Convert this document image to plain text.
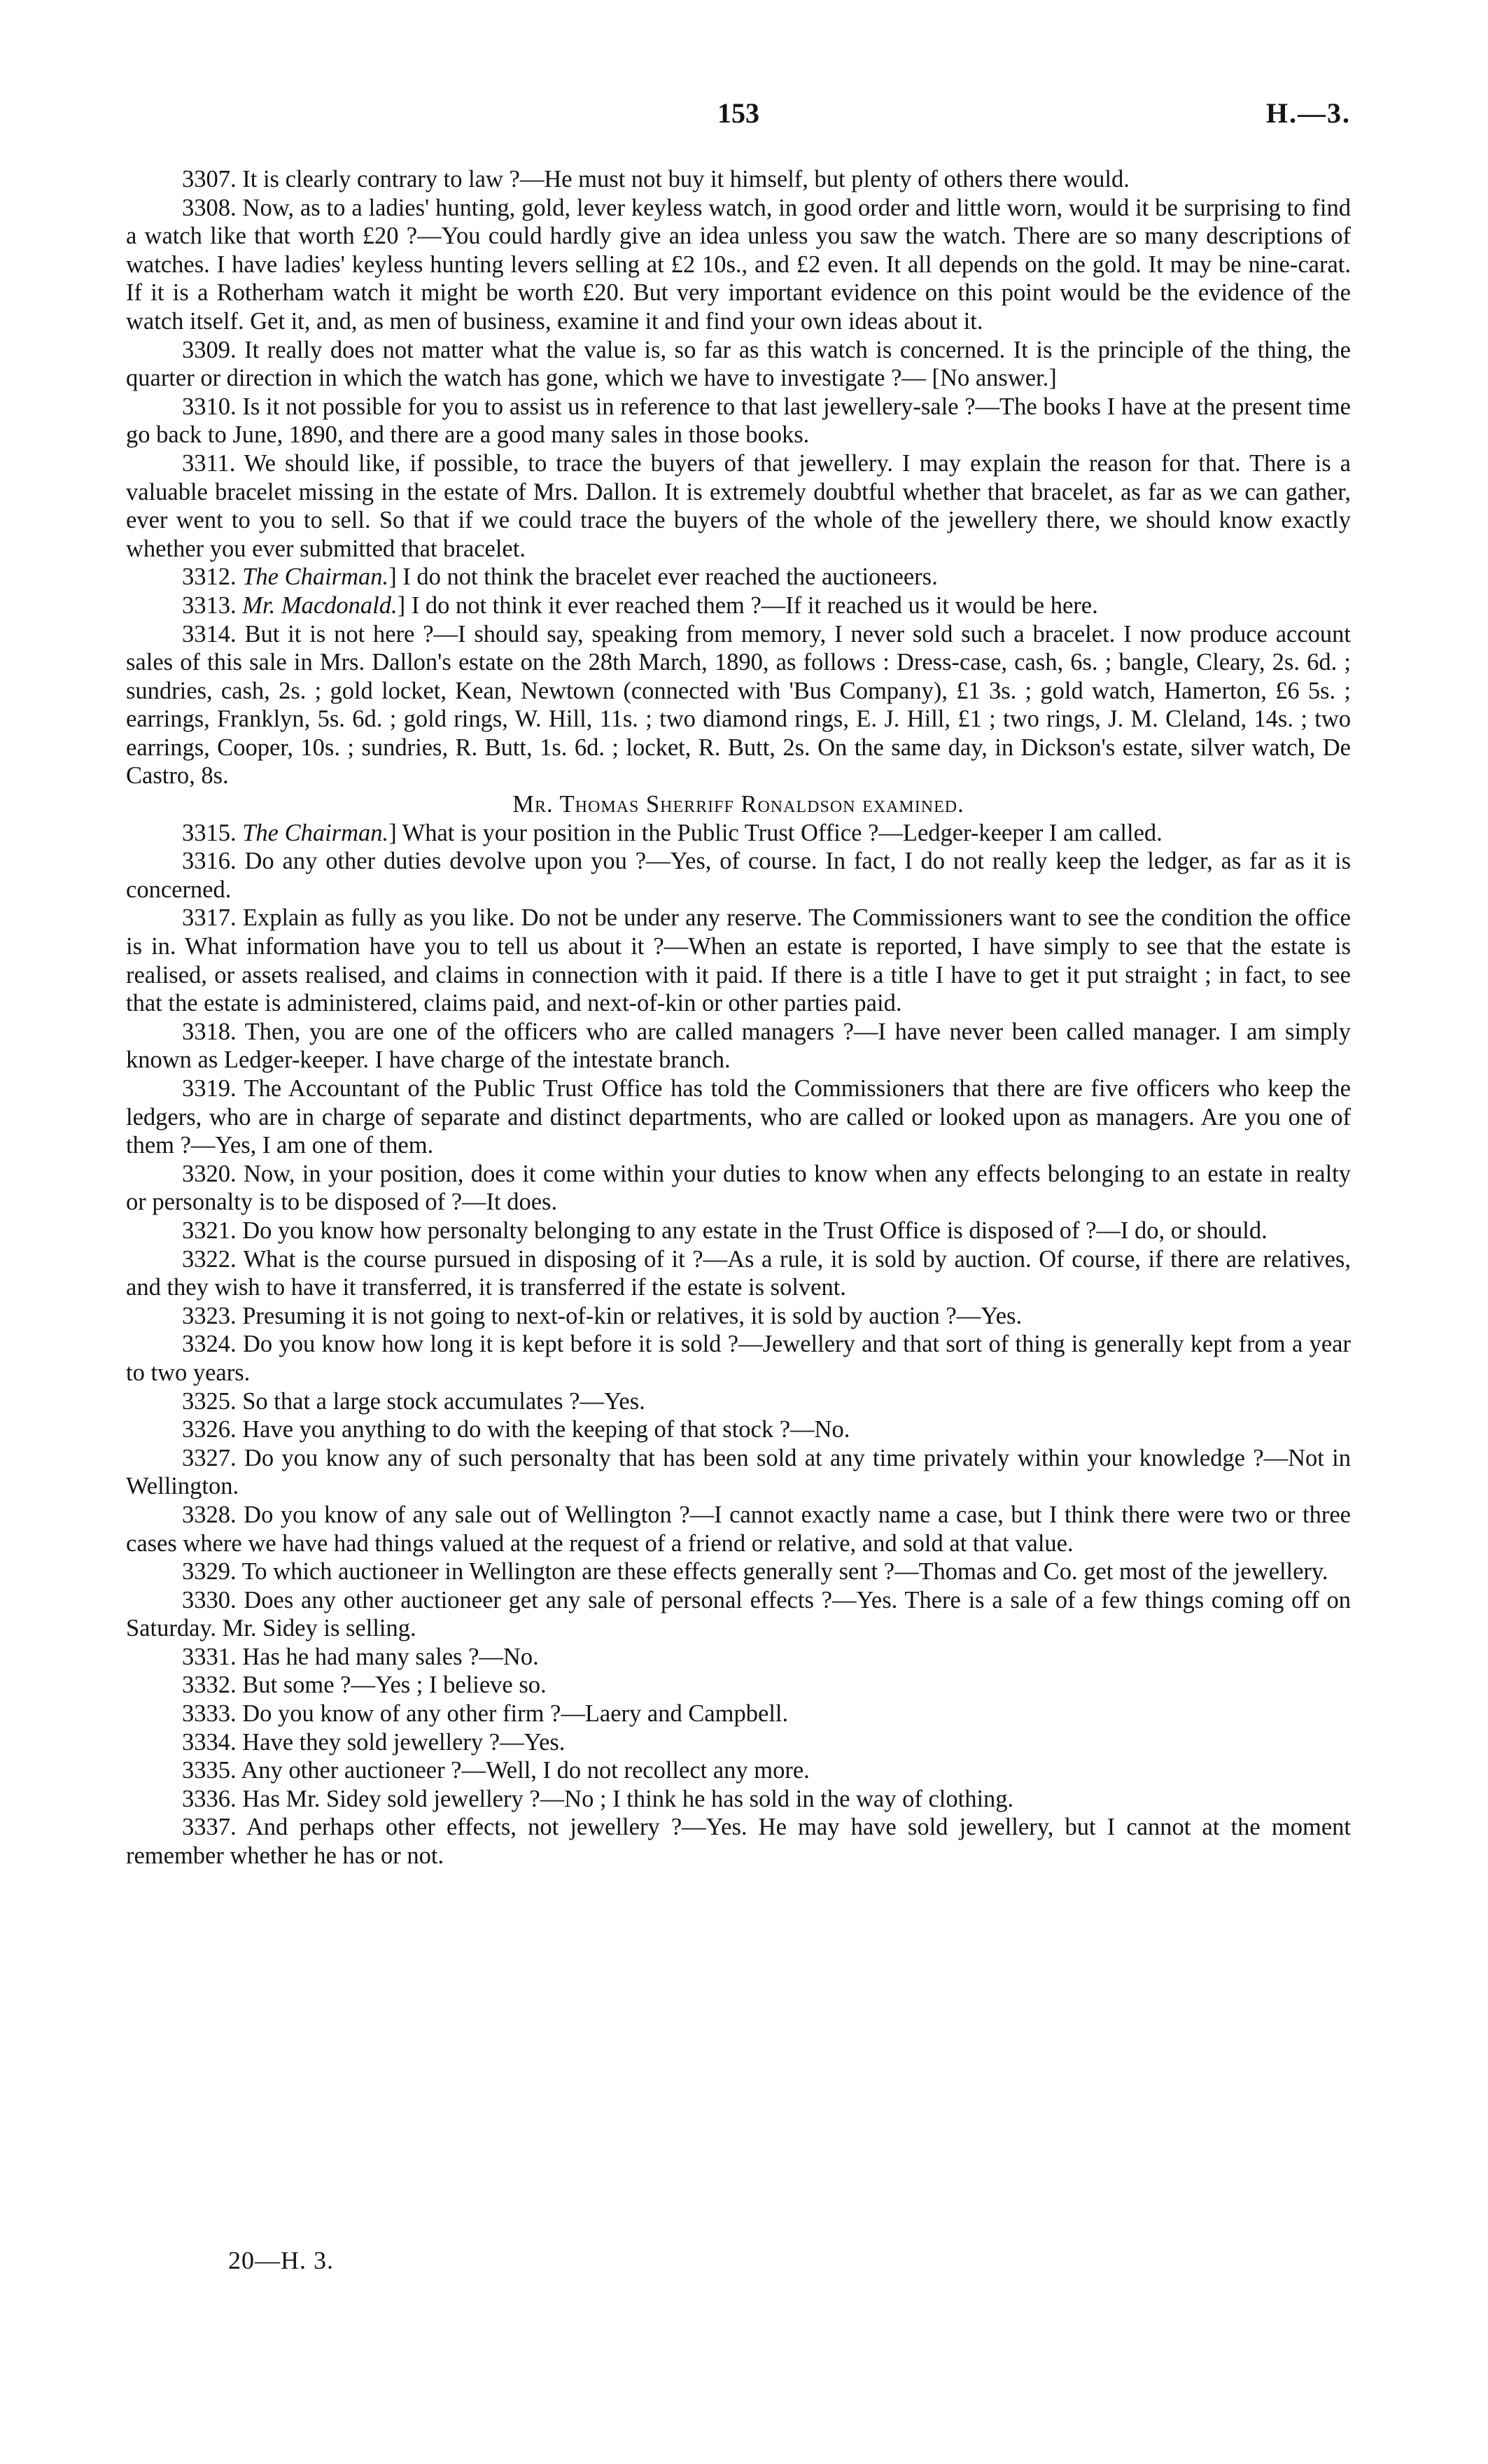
153	H.—3.

3307. It is clearly contrary to law ?—He must not buy it himself, but plenty of others there would.

3308. Now, as to a ladies' hunting, gold, lever keyless watch, in good order and little worn, would it be surprising to find a watch like that worth £20 ?—You could hardly give an idea unless you saw the watch. There are so many descriptions of watches. I have ladies' keyless hunting levers selling at £2 10s., and £2 even. It all depends on the gold. It may be nine-carat. If it is a Rotherham watch it might be worth £20. But very important evidence on this point would be the evidence of the watch itself. Get it, and, as men of business, examine it and find your own ideas about it.

3309. It really does not matter what the value is, so far as this watch is concerned. It is the principle of the thing, the quarter or direction in which the watch has gone, which we have to investigate ?— [No answer.]

3310. Is it not possible for you to assist us in reference to that last jewellery-sale ?—The books I have at the present time go back to June, 1890, and there are a good many sales in those books.

3311. We should like, if possible, to trace the buyers of that jewellery. I may explain the reason for that. There is a valuable bracelet missing in the estate of Mrs. Dallon. It is extremely doubtful whether that bracelet, as far as we can gather, ever went to you to sell. So that if we could trace the buyers of the whole of the jewellery there, we should know exactly whether you ever submitted that bracelet.

3312. The Chairman.] I do not think the bracelet ever reached the auctioneers.

3313. Mr. Macdonald.] I do not think it ever reached them ?—If it reached us it would be here.

3314. But it is not here ?—I should say, speaking from memory, I never sold such a bracelet. I now produce account sales of this sale in Mrs. Dallon's estate on the 28th March, 1890, as follows : Dress-case, cash, 6s. ; bangle, Cleary, 2s. 6d. ; sundries, cash, 2s. ; gold locket, Kean, Newtown (connected with 'Bus Company), £1 3s. ; gold watch, Hamerton, £6 5s. ; earrings, Franklyn, 5s. 6d. ; gold rings, W. Hill, 11s. ; two diamond rings, E. J. Hill, £1 ; two rings, J. M. Cleland, 14s. ; two earrings, Cooper, 10s. ; sundries, R. Butt, 1s. 6d. ; locket, R. Butt, 2s. On the same day, in Dickson's estate, silver watch, De Castro, 8s.

Mr. Thomas Sherriff Ronaldson examined.

3315. The Chairman.] What is your position in the Public Trust Office ?—Ledger-keeper I am called.

3316. Do any other duties devolve upon you ?—Yes, of course. In fact, I do not really keep the ledger, as far as it is concerned.

3317. Explain as fully as you like. Do not be under any reserve. The Commissioners want to see the condition the office is in. What information have you to tell us about it ?—When an estate is reported, I have simply to see that the estate is realised, or assets realised, and claims in connection with it paid. If there is a title I have to get it put straight ; in fact, to see that the estate is administered, claims paid, and next-of-kin or other parties paid.

3318. Then, you are one of the officers who are called managers ?—I have never been called manager. I am simply known as Ledger-keeper. I have charge of the intestate branch.

3319. The Accountant of the Public Trust Office has told the Commissioners that there are five officers who keep the ledgers, who are in charge of separate and distinct departments, who are called or looked upon as managers. Are you one of them ?—Yes, I am one of them.

3320. Now, in your position, does it come within your duties to know when any effects belonging to an estate in realty or personalty is to be disposed of ?—It does.

3321. Do you know how personalty belonging to any estate in the Trust Office is disposed of ?—I do, or should.

3322. What is the course pursued in disposing of it ?—As a rule, it is sold by auction. Of course, if there are relatives, and they wish to have it transferred, it is transferred if the estate is solvent.

3323. Presuming it is not going to next-of-kin or relatives, it is sold by auction ?—Yes.

3324. Do you know how long it is kept before it is sold ?—Jewellery and that sort of thing is generally kept from a year to two years.

3325. So that a large stock accumulates ?—Yes.

3326. Have you anything to do with the keeping of that stock ?—No.

3327. Do you know any of such personalty that has been sold at any time privately within your knowledge ?—Not in Wellington.

3328. Do you know of any sale out of Wellington ?—I cannot exactly name a case, but I think there were two or three cases where we have had things valued at the request of a friend or relative, and sold at that value.

3329. To which auctioneer in Wellington are these effects generally sent ?—Thomas and Co. get most of the jewellery.

3330. Does any other auctioneer get any sale of personal effects ?—Yes. There is a sale of a few things coming off on Saturday. Mr. Sidey is selling.

3331. Has he had many sales ?—No.

3332. But some ?—Yes ; I believe so.

3333. Do you know of any other firm ?—Laery and Campbell.

3334. Have they sold jewellery ?—Yes.

3335. Any other auctioneer ?—Well, I do not recollect any more.

3336. Has Mr. Sidey sold jewellery ?—No ; I think he has sold in the way of clothing.

3337. And perhaps other effects, not jewellery ?—Yes. He may have sold jewellery, but I cannot at the moment remember whether he has or not.

20—H. 3.
